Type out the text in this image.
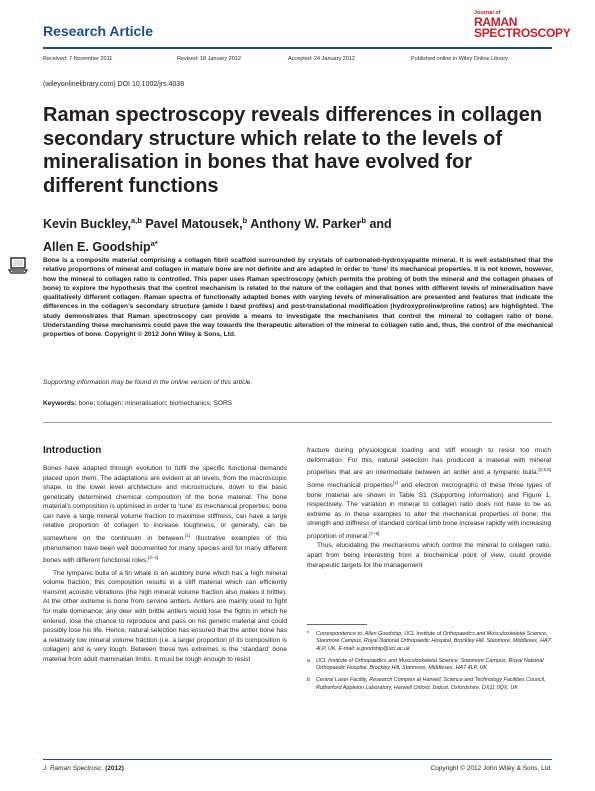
Research Article
Journal of
RAMAN
SPECTROSCOPY
Received: 7 November 2011	Revised: 18 January 2012	Accepted: 24 January 2012	Published online in Wiley Online Library
(wileyonlinelibrary.com) DOI 10.1002/jrs.4038
Raman spectroscopy reveals differences in collagen secondary structure which relate to the levels of mineralisation in bones that have evolved for different functions
Kevin Buckley,$^{a,b}$ Pavel Matousek,$^b$ Anthony W. Parker$^b$ and
Allen E. Goodship$^{a*}$

Bone is a composite material comprising a collagen fibril scaffold surrounded by crystals of carbonated-hydroxyapatite mineral. It is well established that the relative proportions of mineral and collagen in mature bone are not definite and are adapted in order to ‘tune’ its mechanical properties. It is not known, however, how the mineral to collagen ratio is controlled. This paper uses Raman spectroscopy (which permits the probing of both the mineral and the collagen phases of bone) to explore the hypothesis that the control mechanism is related to the nature of the collagen and that bones with different levels of mineralisation have qualitatively different collagen. Raman spectra of functionally adapted bones with varying levels of mineralisation are presented and features that indicate the differences in the collagen’s secondary structure (amide I band profiles) and post-translational modification (hydroxyproline/proline ratios) are highlighted. The study demonstrates that Raman spectroscopy can provide a means to investigate the mechanisms that control the mineral to collagen ratio of bone. Understanding these mechanisms could pave the way towards the therapeutic alteration of the mineral to collagen ratio and, thus, the control of the mechanical properties of bone. Copyright © 2012 John Wiley & Sons, Ltd.

Supporting information may be found in the online version of this article.

Keywords: bone; collagen; mineralisation; biomechanics; SORS

Introduction

Bones have adapted through evolution to fulfil the specific functional demands placed upon them. The adaptations are evident at all levels, from the macroscopic shape, to the lower level architecture and microstructure, down to the basic genetically determined chemical composition of the bone material. The bone material’s composition is optimised in order to ‘tune’ its mechanical properties; bone can have a large mineral volume fraction to maximise stiffness, can have a large relative proportion of collagen to increase toughness, or generally, can be somewhere on the continuum in between.[1] Illustrative examples of this phenomenon have been well documented for many species and for many different bones with different functional roles.[2–4]

The tympanic bulla of a fin whale is an auditory bone which has a high mineral volume fraction; this composition results in a stiff material which can efficiently transmit acoustic vibrations (the high mineral volume fraction also makes it brittle). At the other extreme is bone from cervine antlers. Antlers are mainly used to fight for male dominance; any deer with brittle antlers would lose the fights in which he entered, lose the chance to reproduce and pass on his genetic material and could possibly lose his life. Hence, natural selection has ensured that the antler bone has a relatively low mineral volume fraction (i.e. a larger proportion of its composition is collagen) and is very tough. Between these two extremes is the ‘standard’ bone material from adult mammalian limbs. It must be tough enough to resist

fracture during physiological loading and stiff enough to resist too much deformation. For this, natural selection has produced a material with mineral properties that are an intermediate between an antler and a tympanic bulla.[2,5,6] Some mechanical properties[1] and electron micrographs of these three types of bone material are shown in Table S1 (Supporting information) and Figure 1, respectively. The variation in mineral to collagen ratio does not have to be as extreme as in these examples to alter the mechanical properties of bone; the strength and stiffness of standard cortical limb bone increase rapidly with increasing proportion of mineral.[7–9]

Thus, elucidating the mechanisms which control the mineral to collagen ratio, apart from being interesting from a biochemical point of view, could provide therapeutic targets for the management

* Correspondence to: Allen Goodship, UCL Institute of Orthopaedics and Musculoskeletal Science, Stanmore Campus, Royal National Orthopaedic Hospital, Brockley Hill, Stanmore, Middlesex, HA7 4LP, UK. E-mail: a.goodship@ucl.ac.uk
a UCL Institute of Orthopaedics and Musculoskeletal Science, Stanmore Campus, Royal National Orthopaedic Hospital, Brockley Hill, Stanmore, Middlesex, HA7 4LP, UK
b Central Laser Facility, Research Complex at Harwell, Science and Technology Facilities Council, Rutherford Appleton Laboratory, Harwell Oxford, Didcot, Oxfordshire, OX11 0QX, UK
J. Raman Spectrosc. (2012)	Copyright © 2012 John Wiley & Sons, Ltd.
